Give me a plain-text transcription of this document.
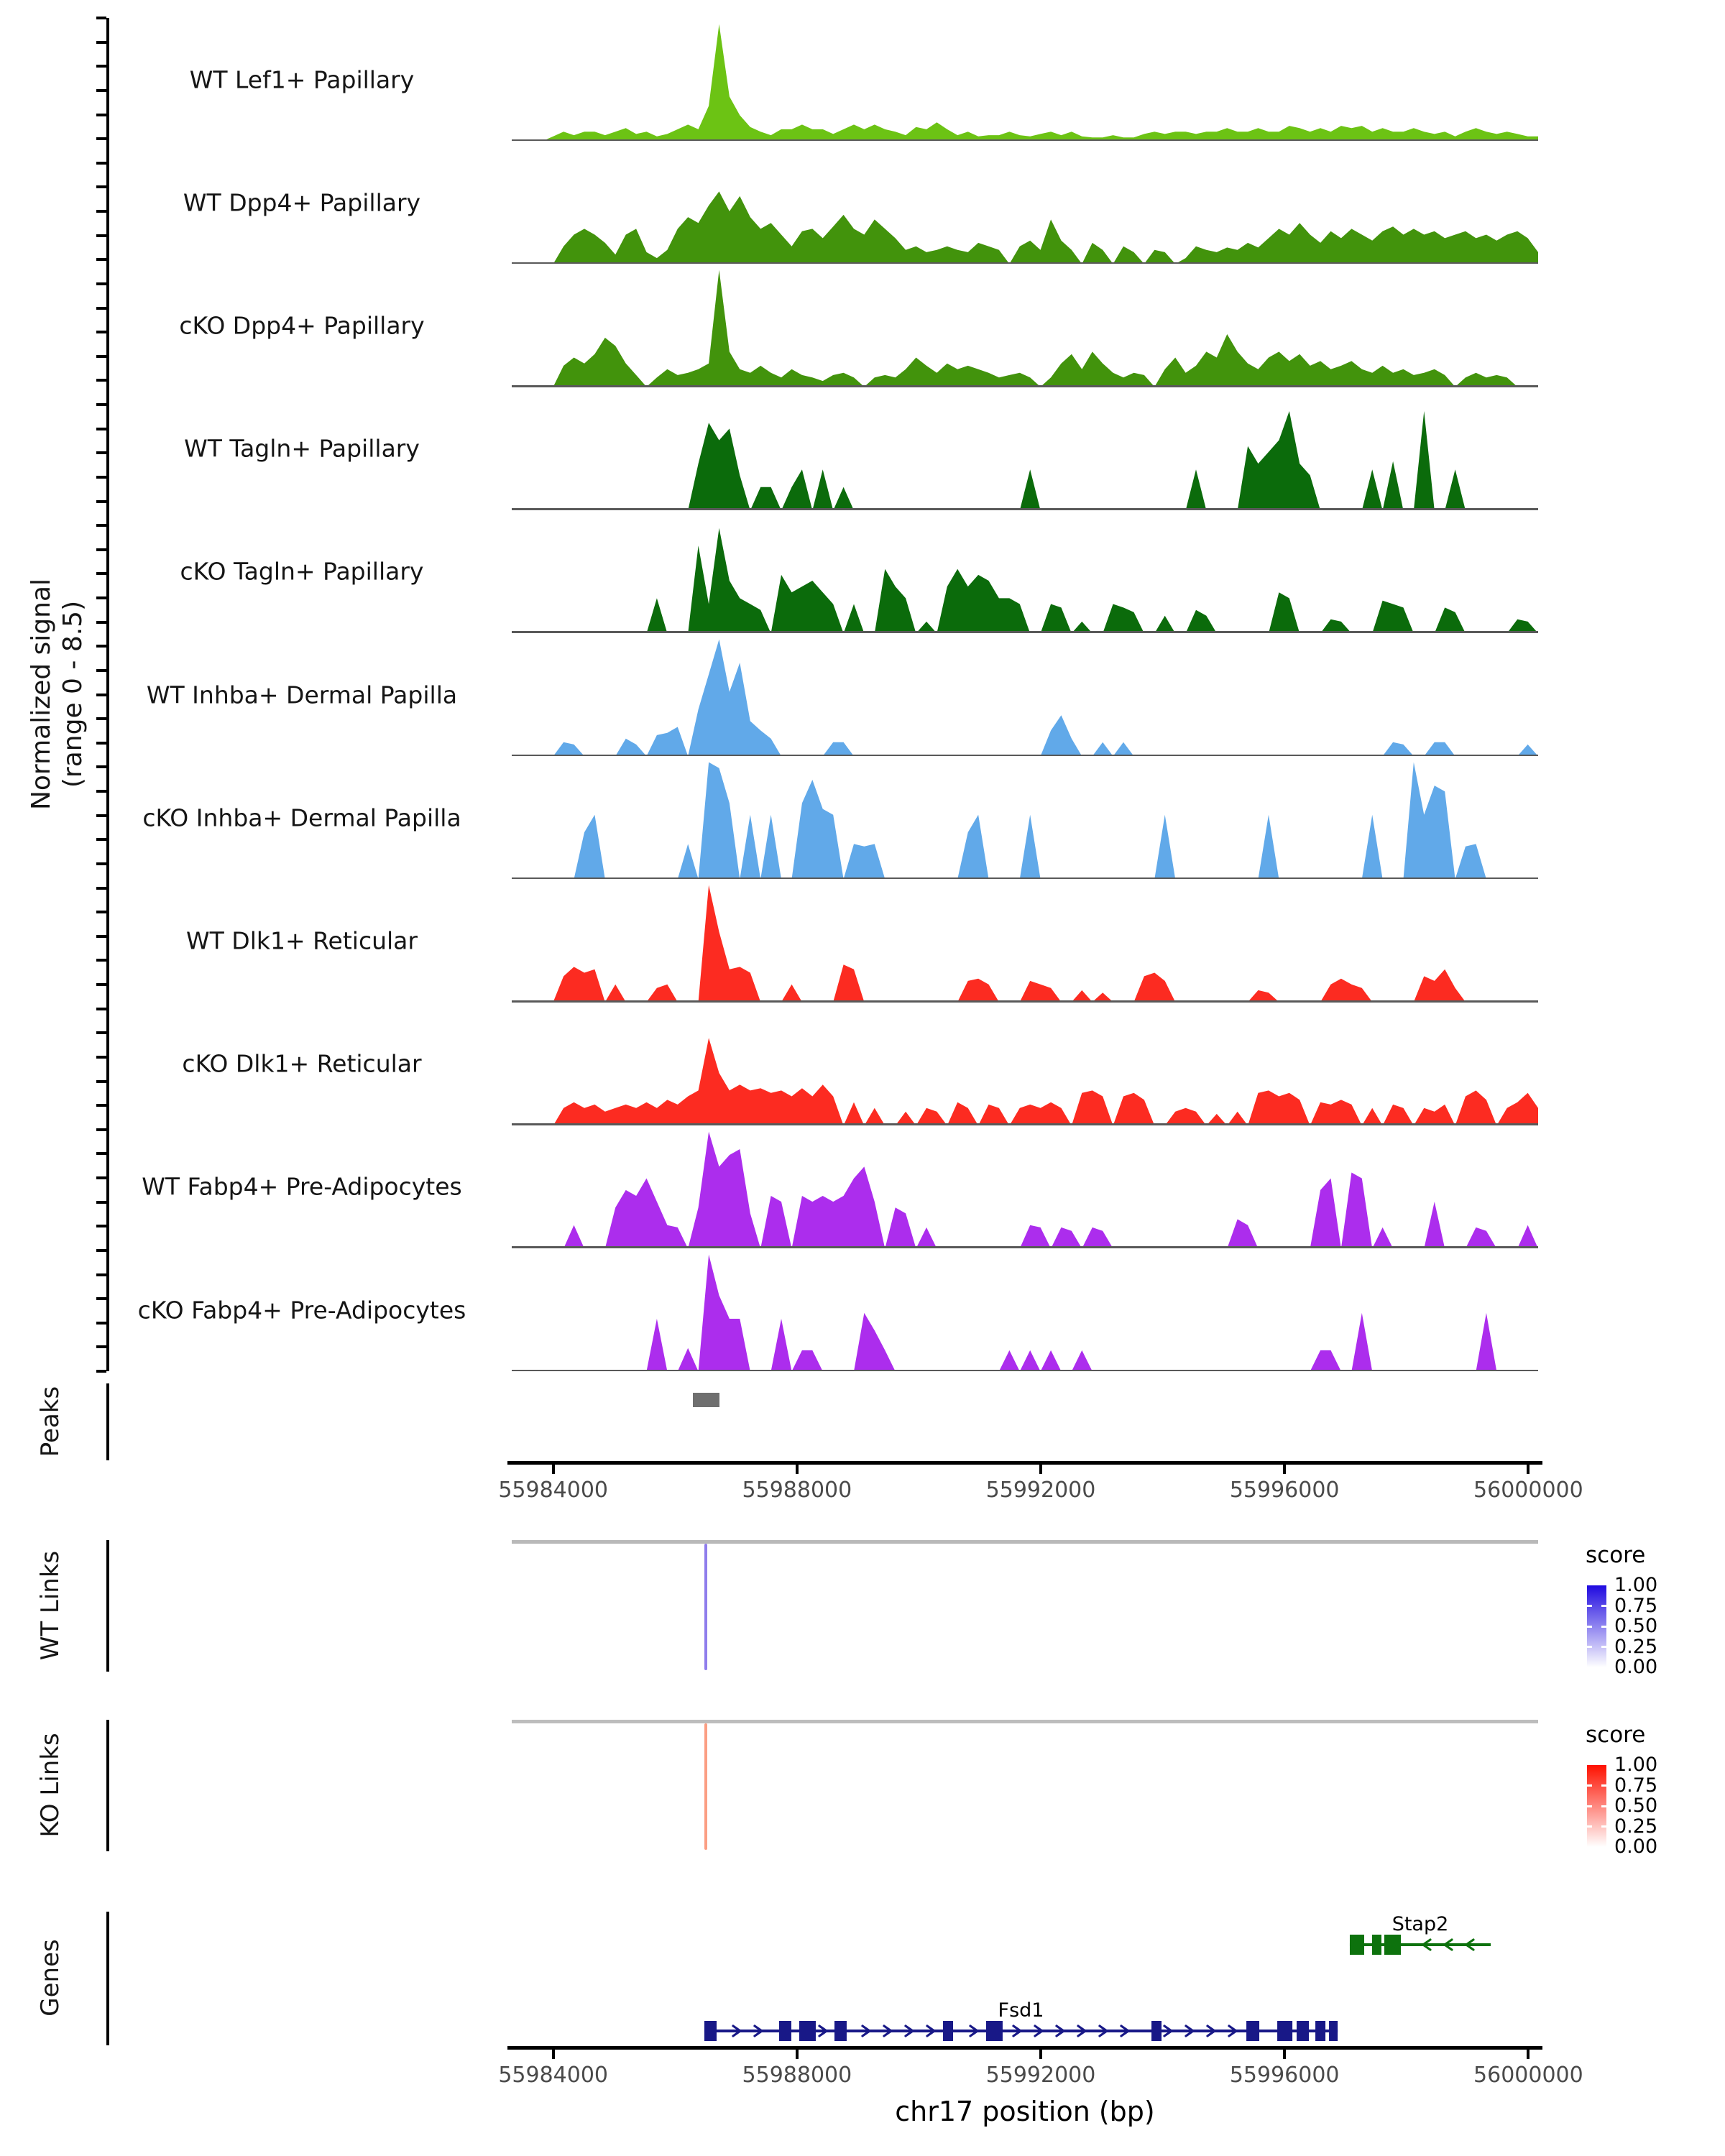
Normalized signal (range 0 - 8.5)
Peaks
WT Links
KO Links
Genes
WT Lef1+ Papillary
WT Dpp4+ Papillary
cKO Dpp4+ Papillary
WT Tagln+ Papillary
cKO Tagln+ Papillary
WT Inhba+ Dermal Papilla
cKO Inhba+ Dermal Papilla
WT Dlk1+ Reticular
cKO Dlk1+ Reticular
WT Fabp4+ Pre-Adipocytes
cKO Fabp4+ Pre-Adipocytes
55984000	55988000	55992000	55996000	56000000
score
1.00
0.75
0.50
0.25
0.00
score
1.00
0.75
0.50
0.25
0.00
Fsd1
Stap2
55984000	55988000	55992000	55996000	56000000
chr17 position (bp)
